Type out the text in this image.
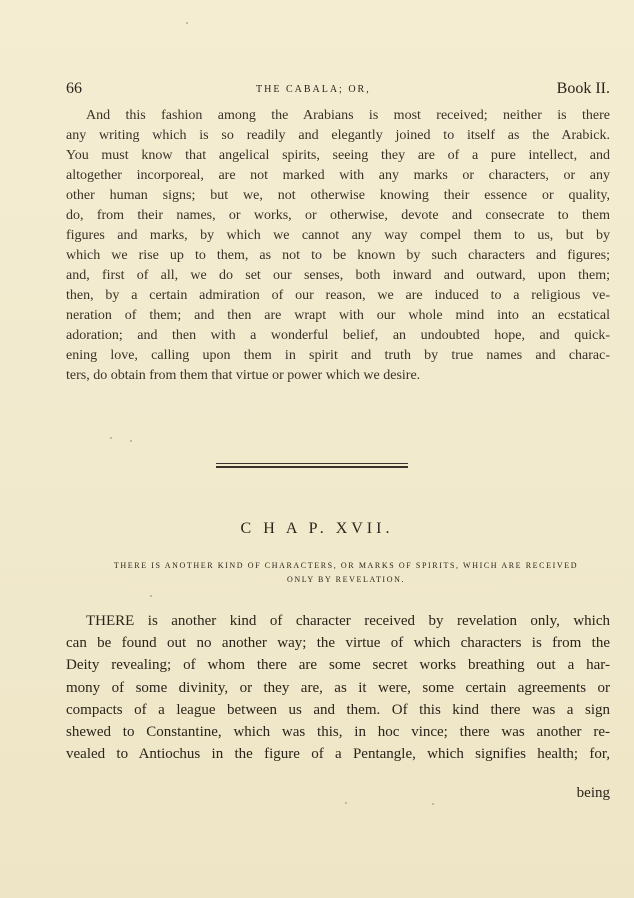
66	THE CABALA; OR,	Book II.

And this fashion among the Arabians is most received; neither is there
any writing which is so readily and elegantly joined to itself as the Arabick.
You must know that angelical spirits, seeing they are of a pure intellect, and
altogether incorporeal, are not marked with any marks or characters, or any
other human signs; but we, not otherwise knowing their essence or quality,
do, from their names, or works, or otherwise, devote and consecrate to them
figures and marks, by which we cannot any way compel them to us, but by
which we rise up to them, as not to be known by such characters and figures;
and, first of all, we do set our senses, both inward and outward, upon them;
then, by a certain admiration of our reason, we are induced to a religious ve-
neration of them; and then are wrapt with our whole mind into an ecstatical
adoration; and then with a wonderful belief, an undoubted hope, and quick-
ening love, calling upon them in spirit and truth by true names and charac-
ters, do obtain from them that virtue or power which we desire.

C H A P. XVII.
THERE IS ANOTHER KIND OF CHARACTERS, OR MARKS OF SPIRITS, WHICH ARE RECEIVED
ONLY BY REVELATION.

THERE is another kind of character received by revelation only, which
can be found out no another way; the virtue of which characters is from the
Deity revealing; of whom there are some secret works breathing out a har-
mony of some divinity, or they are, as it were, some certain agreements or
compacts of a league between us and them. Of this kind there was a sign
shewed to Constantine, which was this, in hoc vince; there was another re-
vealed to Antiochus in the figure of a Pentangle, which signifies health; for,

being
